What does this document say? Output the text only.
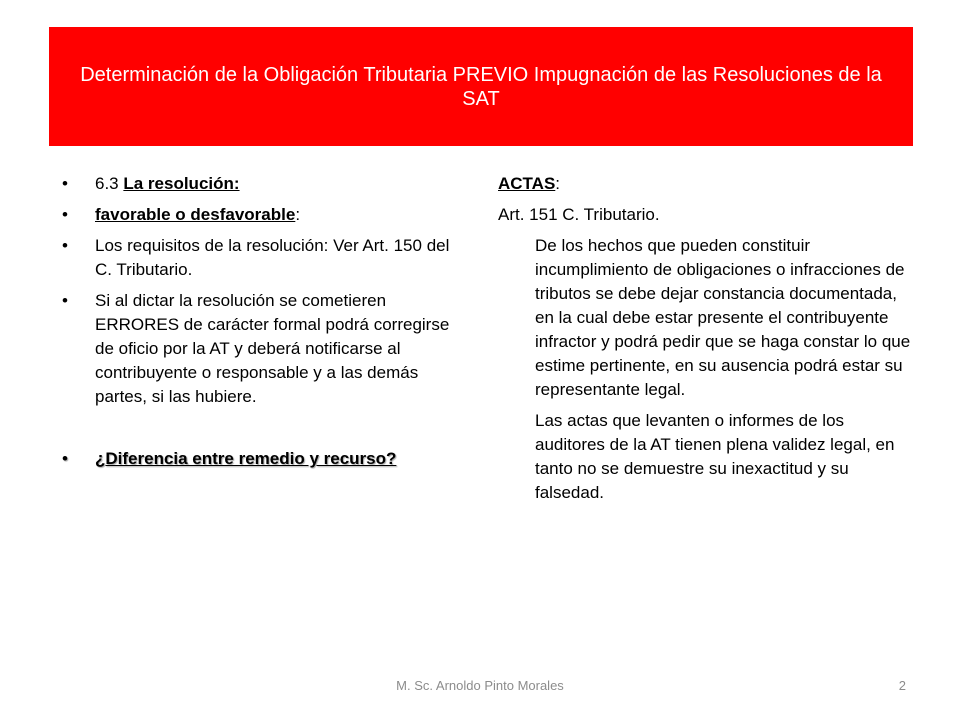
Determinación de la Obligación Tributaria PREVIO Impugnación de las Resoluciones de la SAT
•	6.3 La resolución:
•	favorable o desfavorable:
•	Los requisitos de la resolución: Ver Art. 150 del C. Tributario.
•	Si al dictar la resolución se cometieren ERRORES de carácter formal podrá corregirse de oficio por la AT y deberá notificarse al contribuyente o responsable y a las demás partes, si las hubiere.
•	¿Diferencia entre remedio y recurso?
ACTAS:
Art. 151 C. Tributario.
De los hechos que pueden constituir incumplimiento de obligaciones o infracciones de tributos se debe dejar constancia documentada, en la cual debe estar presente el contribuyente infractor y podrá pedir que se haga constar lo que estime pertinente, en su ausencia podrá estar su representante legal.
Las actas que levanten o informes de los auditores de la AT tienen plena validez legal, en tanto no se demuestre su inexactitud y su falsedad.
M. Sc. Arnoldo Pinto Morales	2
